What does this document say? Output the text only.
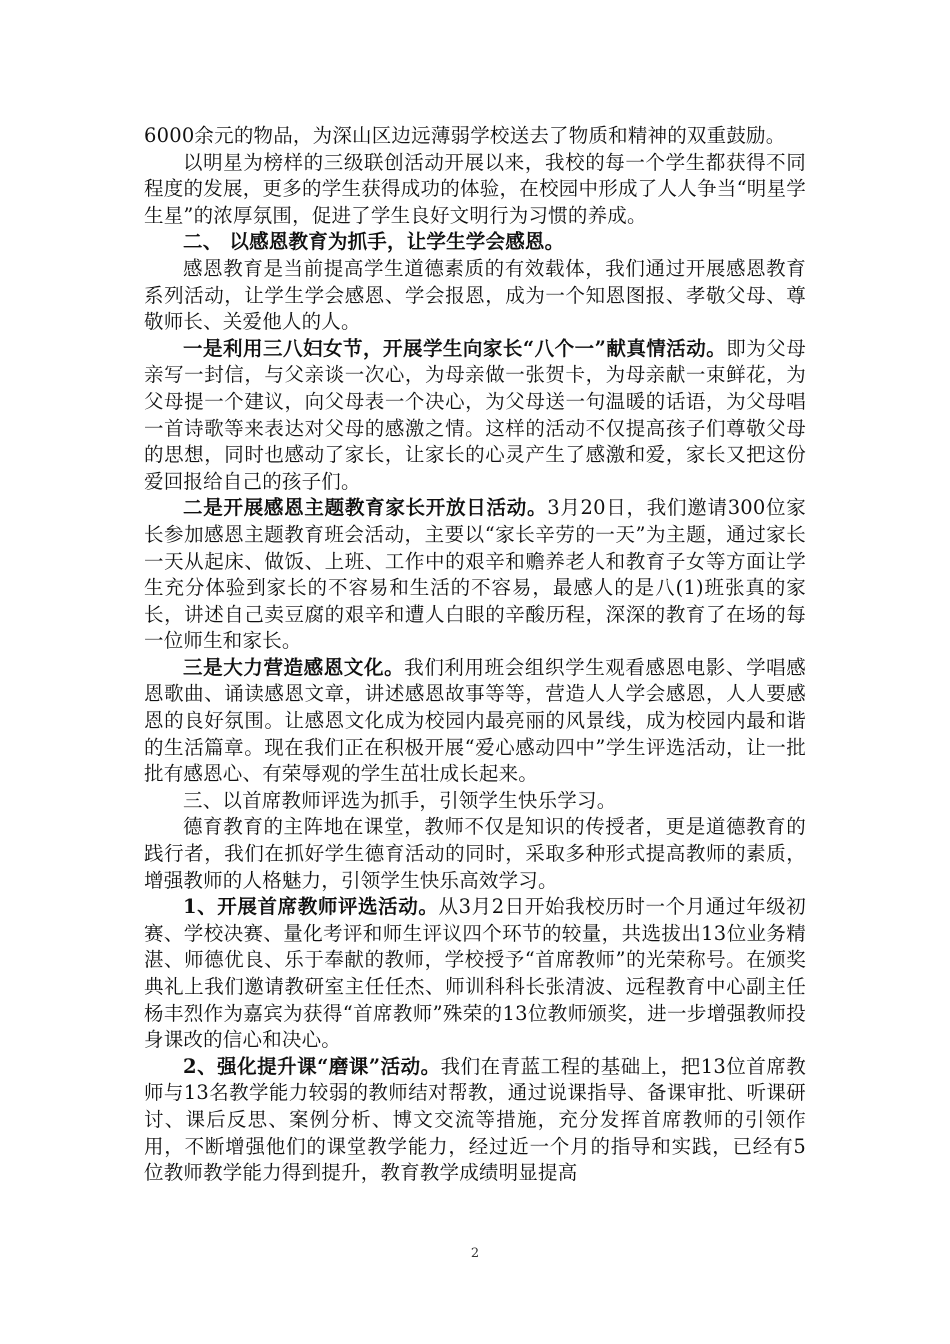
6000余元的物品，为深山区边远薄弱学校送去了物质和精神的双重鼓励。

以明星为榜样的三级联创活动开展以来，我校的每一个学生都获得不同程度的发展，更多的学生获得成功的体验，在校园中形成了人人争当“明星学生星”的浓厚氛围，促进了学生良好文明行为习惯的养成。

二、 以感恩教育为抓手，让学生学会感恩。

感恩教育是当前提高学生道德素质的有效载体，我们通过开展感恩教育系列活动，让学生学会感恩、学会报恩，成为一个知恩图报、孝敬父母、尊敬师长、关爱他人的人。

一是利用三八妇女节，开展学生向家长“八个一”献真情活动。即为父母亲写一封信，与父亲谈一次心，为母亲做一张贺卡，为母亲献一束鲜花，为父母提一个建议，向父母表一个决心，为父母送一句温暖的话语，为父母唱一首诗歌等来表达对父母的感激之情。这样的活动不仅提高孩子们尊敬父母的思想，同时也感动了家长，让家长的心灵产生了感激和爱，家长又把这份爱回报给自己的孩子们。

二是开展感恩主题教育家长开放日活动。3月20日，我们邀请300位家长参加感恩主题教育班会活动，主要以“家长辛劳的一天”为主题，通过家长一天从起床、做饭、上班、工作中的艰辛和赡养老人和教育子女等方面让学生充分体验到家长的不容易和生活的不容易，最感人的是八(1)班张真的家长，讲述自己卖豆腐的艰辛和遭人白眼的辛酸历程，深深的教育了在场的每一位师生和家长。

三是大力营造感恩文化。我们利用班会组织学生观看感恩电影、学唱感恩歌曲、诵读感恩文章，讲述感恩故事等等，营造人人学会感恩，人人要感恩的良好氛围。让感恩文化成为校园内最亮丽的风景线，成为校园内最和谐的生活篇章。现在我们正在积极开展“爱心感动四中”学生评选活动，让一批批有感恩心、有荣辱观的学生茁壮成长起来。

三、以首席教师评选为抓手，引领学生快乐学习。

德育教育的主阵地在课堂，教师不仅是知识的传授者，更是道德教育的践行者，我们在抓好学生德育活动的同时，采取多种形式提高教师的素质，增强教师的人格魅力，引领学生快乐高效学习。

1、开展首席教师评选活动。从3月2日开始我校历时一个月通过年级初赛、学校决赛、量化考评和师生评议四个环节的较量，共选拔出13位业务精湛、师德优良、乐于奉献的教师，学校授予“首席教师”的光荣称号。在颁奖典礼上我们邀请教研室主任任杰、师训科科长张清波、远程教育中心副主任杨丰烈作为嘉宾为获得“首席教师”殊荣的13位教师颁奖，进一步增强教师投身课改的信心和决心。

2、强化提升课“磨课”活动。我们在青蓝工程的基础上，把13位首席教师与13名教学能力较弱的教师结对帮教，通过说课指导、备课审批、听课研讨、课后反思、案例分析、博文交流等措施，充分发挥首席教师的引领作用，不断增强他们的课堂教学能力，经过近一个月的指导和实践，已经有5位教师教学能力得到提升，教育教学成绩明显提高

2
